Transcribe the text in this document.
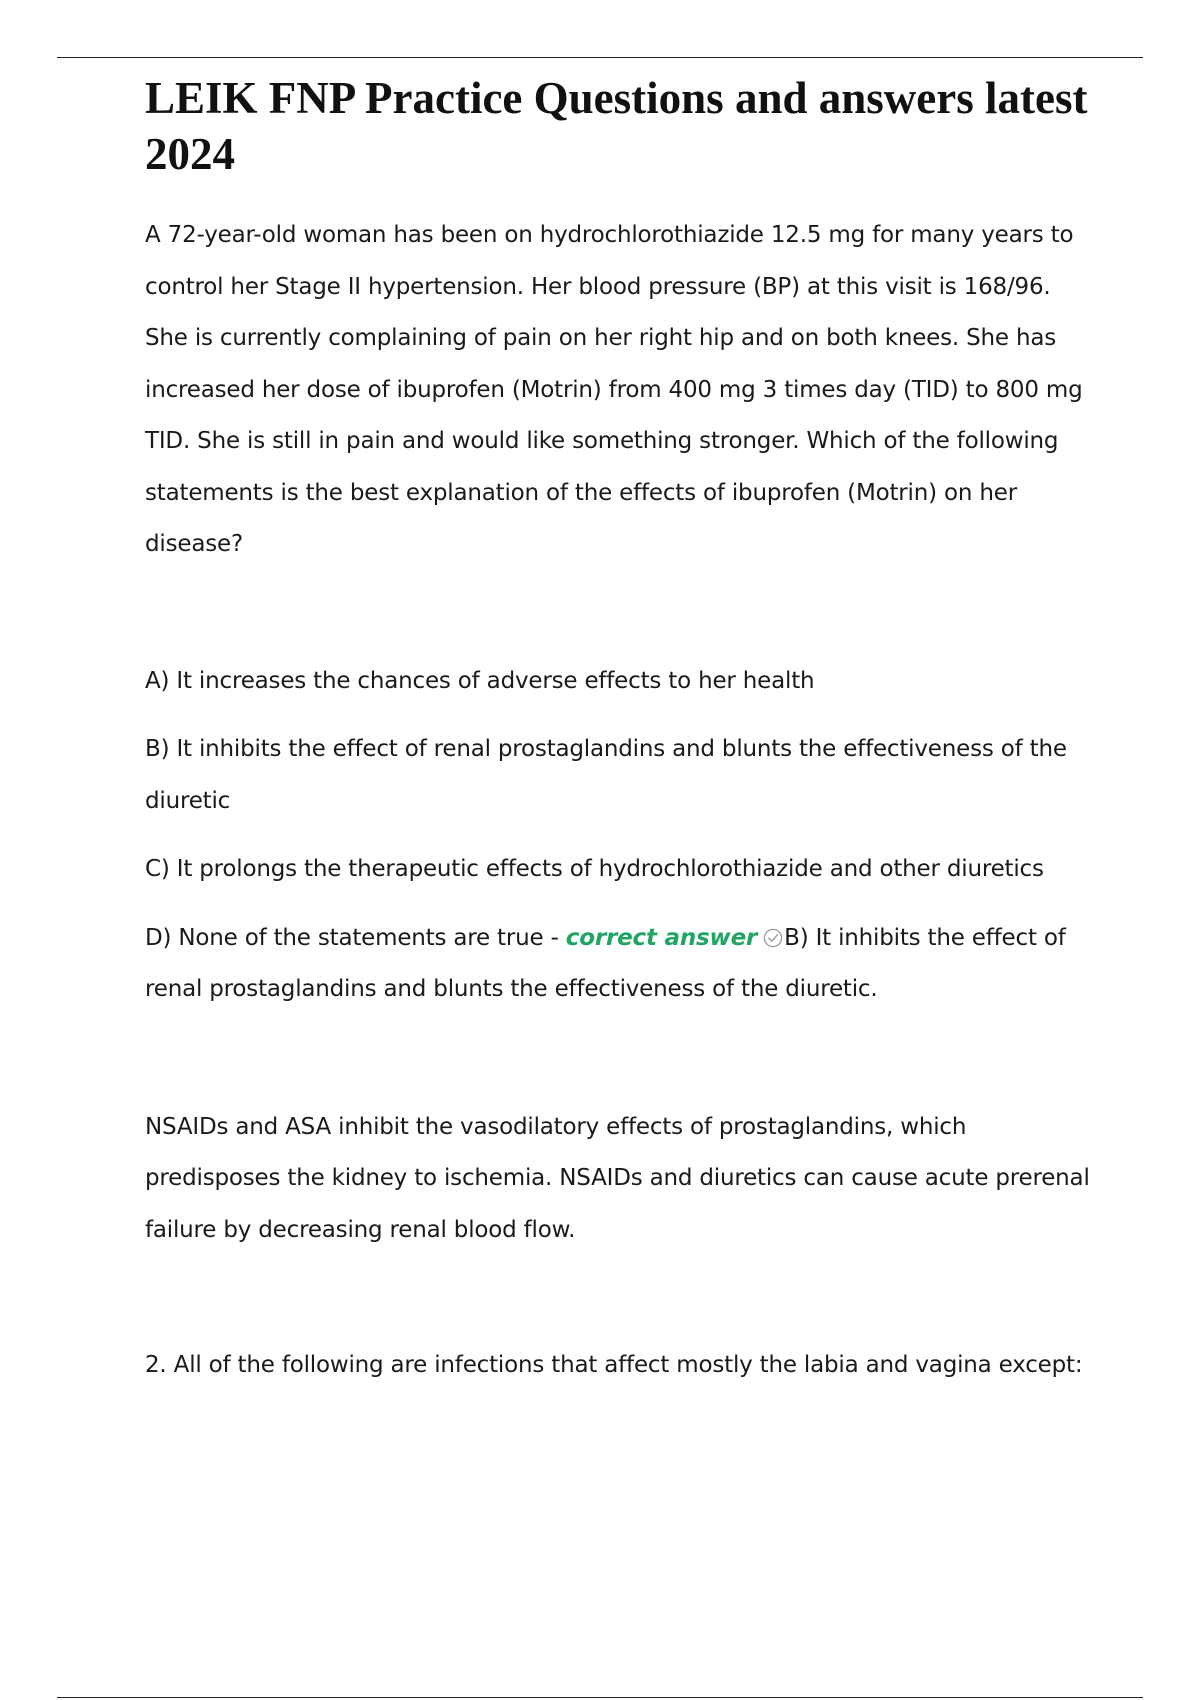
LEIK FNP Practice Questions and answers latest 2024

A 72-year-old woman has been on hydrochlorothiazide 12.5 mg for many years to control her Stage II hypertension. Her blood pressure (BP) at this visit is 168/96. She is currently complaining of pain on her right hip and on both knees. She has increased her dose of ibuprofen (Motrin) from 400 mg 3 times day (TID) to 800 mg TID. She is still in pain and would like something stronger. Which of the following statements is the best explanation of the effects of ibuprofen (Motrin) on her disease?

A) It increases the chances of adverse effects to her health

B) It inhibits the effect of renal prostaglandins and blunts the effectiveness of the diuretic

C) It prolongs the therapeutic effects of hydrochlorothiazide and other diuretics

D) None of the statements are true - correct answer B) It inhibits the effect of renal prostaglandins and blunts the effectiveness of the diuretic.

NSAIDs and ASA inhibit the vasodilatory effects of prostaglandins, which predisposes the kidney to ischemia. NSAIDs and diuretics can cause acute prerenal failure by decreasing renal blood flow.

2. All of the following are infections that affect mostly the labia and vagina except:
